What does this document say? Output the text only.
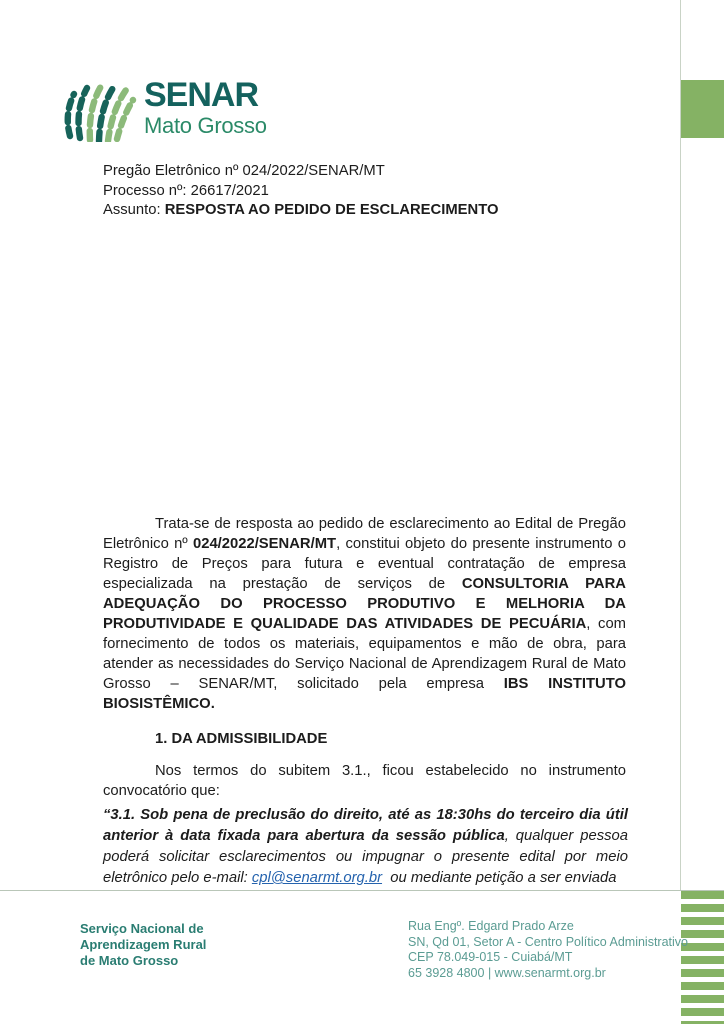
SENAR
Mato Grosso
Pregão Eletrônico nº 024/2022/SENAR/MT
Processo nº: 26617/2021
Assunto: RESPOSTA AO PEDIDO DE ESCLARECIMENTO

Trata-se de resposta ao pedido de esclarecimento ao Edital de Pregão Eletrônico nº 024/2022/SENAR/MT, constitui objeto do presente instrumento o Registro de Preços para futura e eventual contratação de empresa especializada na prestação de serviços de CONSULTORIA PARA ADEQUAÇÃO DO PROCESSO PRODUTIVO E MELHORIA DA PRODUTIVIDADE E QUALIDADE DAS ATIVIDADES DE PECUÁRIA, com fornecimento de todos os materiais, equipamentos e mão de obra, para atender as necessidades do Serviço Nacional de Aprendizagem Rural de Mato Grosso – SENAR/MT, solicitado pela empresa IBS INSTITUTO BIOSISTÊMICO.

1. DA ADMISSIBILIDADE

Nos termos do subitem 3.1., ficou estabelecido no instrumento convocatório que:

“3.1. Sob pena de preclusão do direito, até as 18:30hs do terceiro dia útil anterior à data fixada para abertura da sessão pública, qualquer pessoa poderá solicitar esclarecimentos ou impugnar o presente edital por meio eletrônico pelo e-mail: cpl@senarmt.org.br  ou mediante petição a ser enviada

Serviço Nacional de
Aprendizagem Rural
de Mato Grosso
Rua Engº. Edgard Prado Arze
SN, Qd 01, Setor A - Centro Político Administrativo
CEP 78.049-015 - Cuiabá/MT
65 3928 4800 | www.senarmt.org.br
